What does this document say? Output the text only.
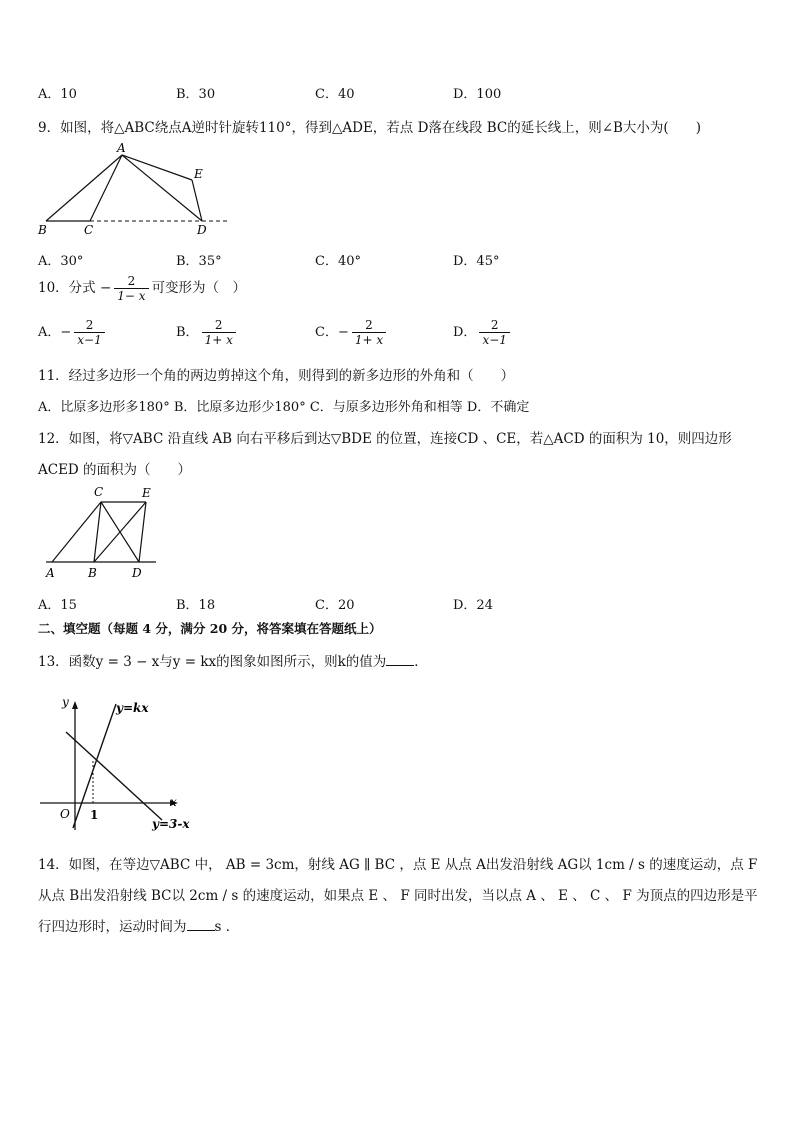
A．10	B．30	C．40	D．100
9．如图，将△ABC绕点A逆时针旋转110°，得到△ADE，若点 D落在线段 BC的延长线上，则∠B大小为(　　)
A
B	C	D
E
A．30°	B．35°	C．40°	D．45°
10．分式 − $\frac{2}{1- x}$ 可变形为（　）
A．− $\frac{2}{x-1}$	B． $\frac{2}{1+ x}$	C．− $\frac{2}{1+ x}$	D． $\frac{2}{x-1}$
11．经过多边形一个角的两边剪掉这个角，则得到的新多边形的外角和（　　）
A．比原多边形多180° B．比原多边形少180° C．与原多边形外角和相等 D．不确定
12．如图，将▽ABC 沿直线 AB 向右平移后到达▽BDE 的位置，连接CD 、CE，若△ACD 的面积为 10，则四边形
ACED 的面积为（　　）
A	B
C
D
E
A．15	B．18	C．20	D．24
二、填空题（每题 4 分，满分 20 分，将答案填在答题纸上）
13．函数y = 3 − x与y = kx的图象如图所示，则k的值为 ．
y	y=kx
x
O 1
y=3-x
14．如图，在等边▽ABC 中， AB = 3cm，射线 AG ∥ BC ，点 E 从点 A出发沿射线 AG以 1cm / s 的速度运动，点 F
从点 B出发沿射线 BC以 2cm / s 的速度运动，如果点 E 、 F 同时出发，当以点 A 、 E 、 C 、 F 为顶点的四边形是平
行四边形时，运动时间为 s ．
